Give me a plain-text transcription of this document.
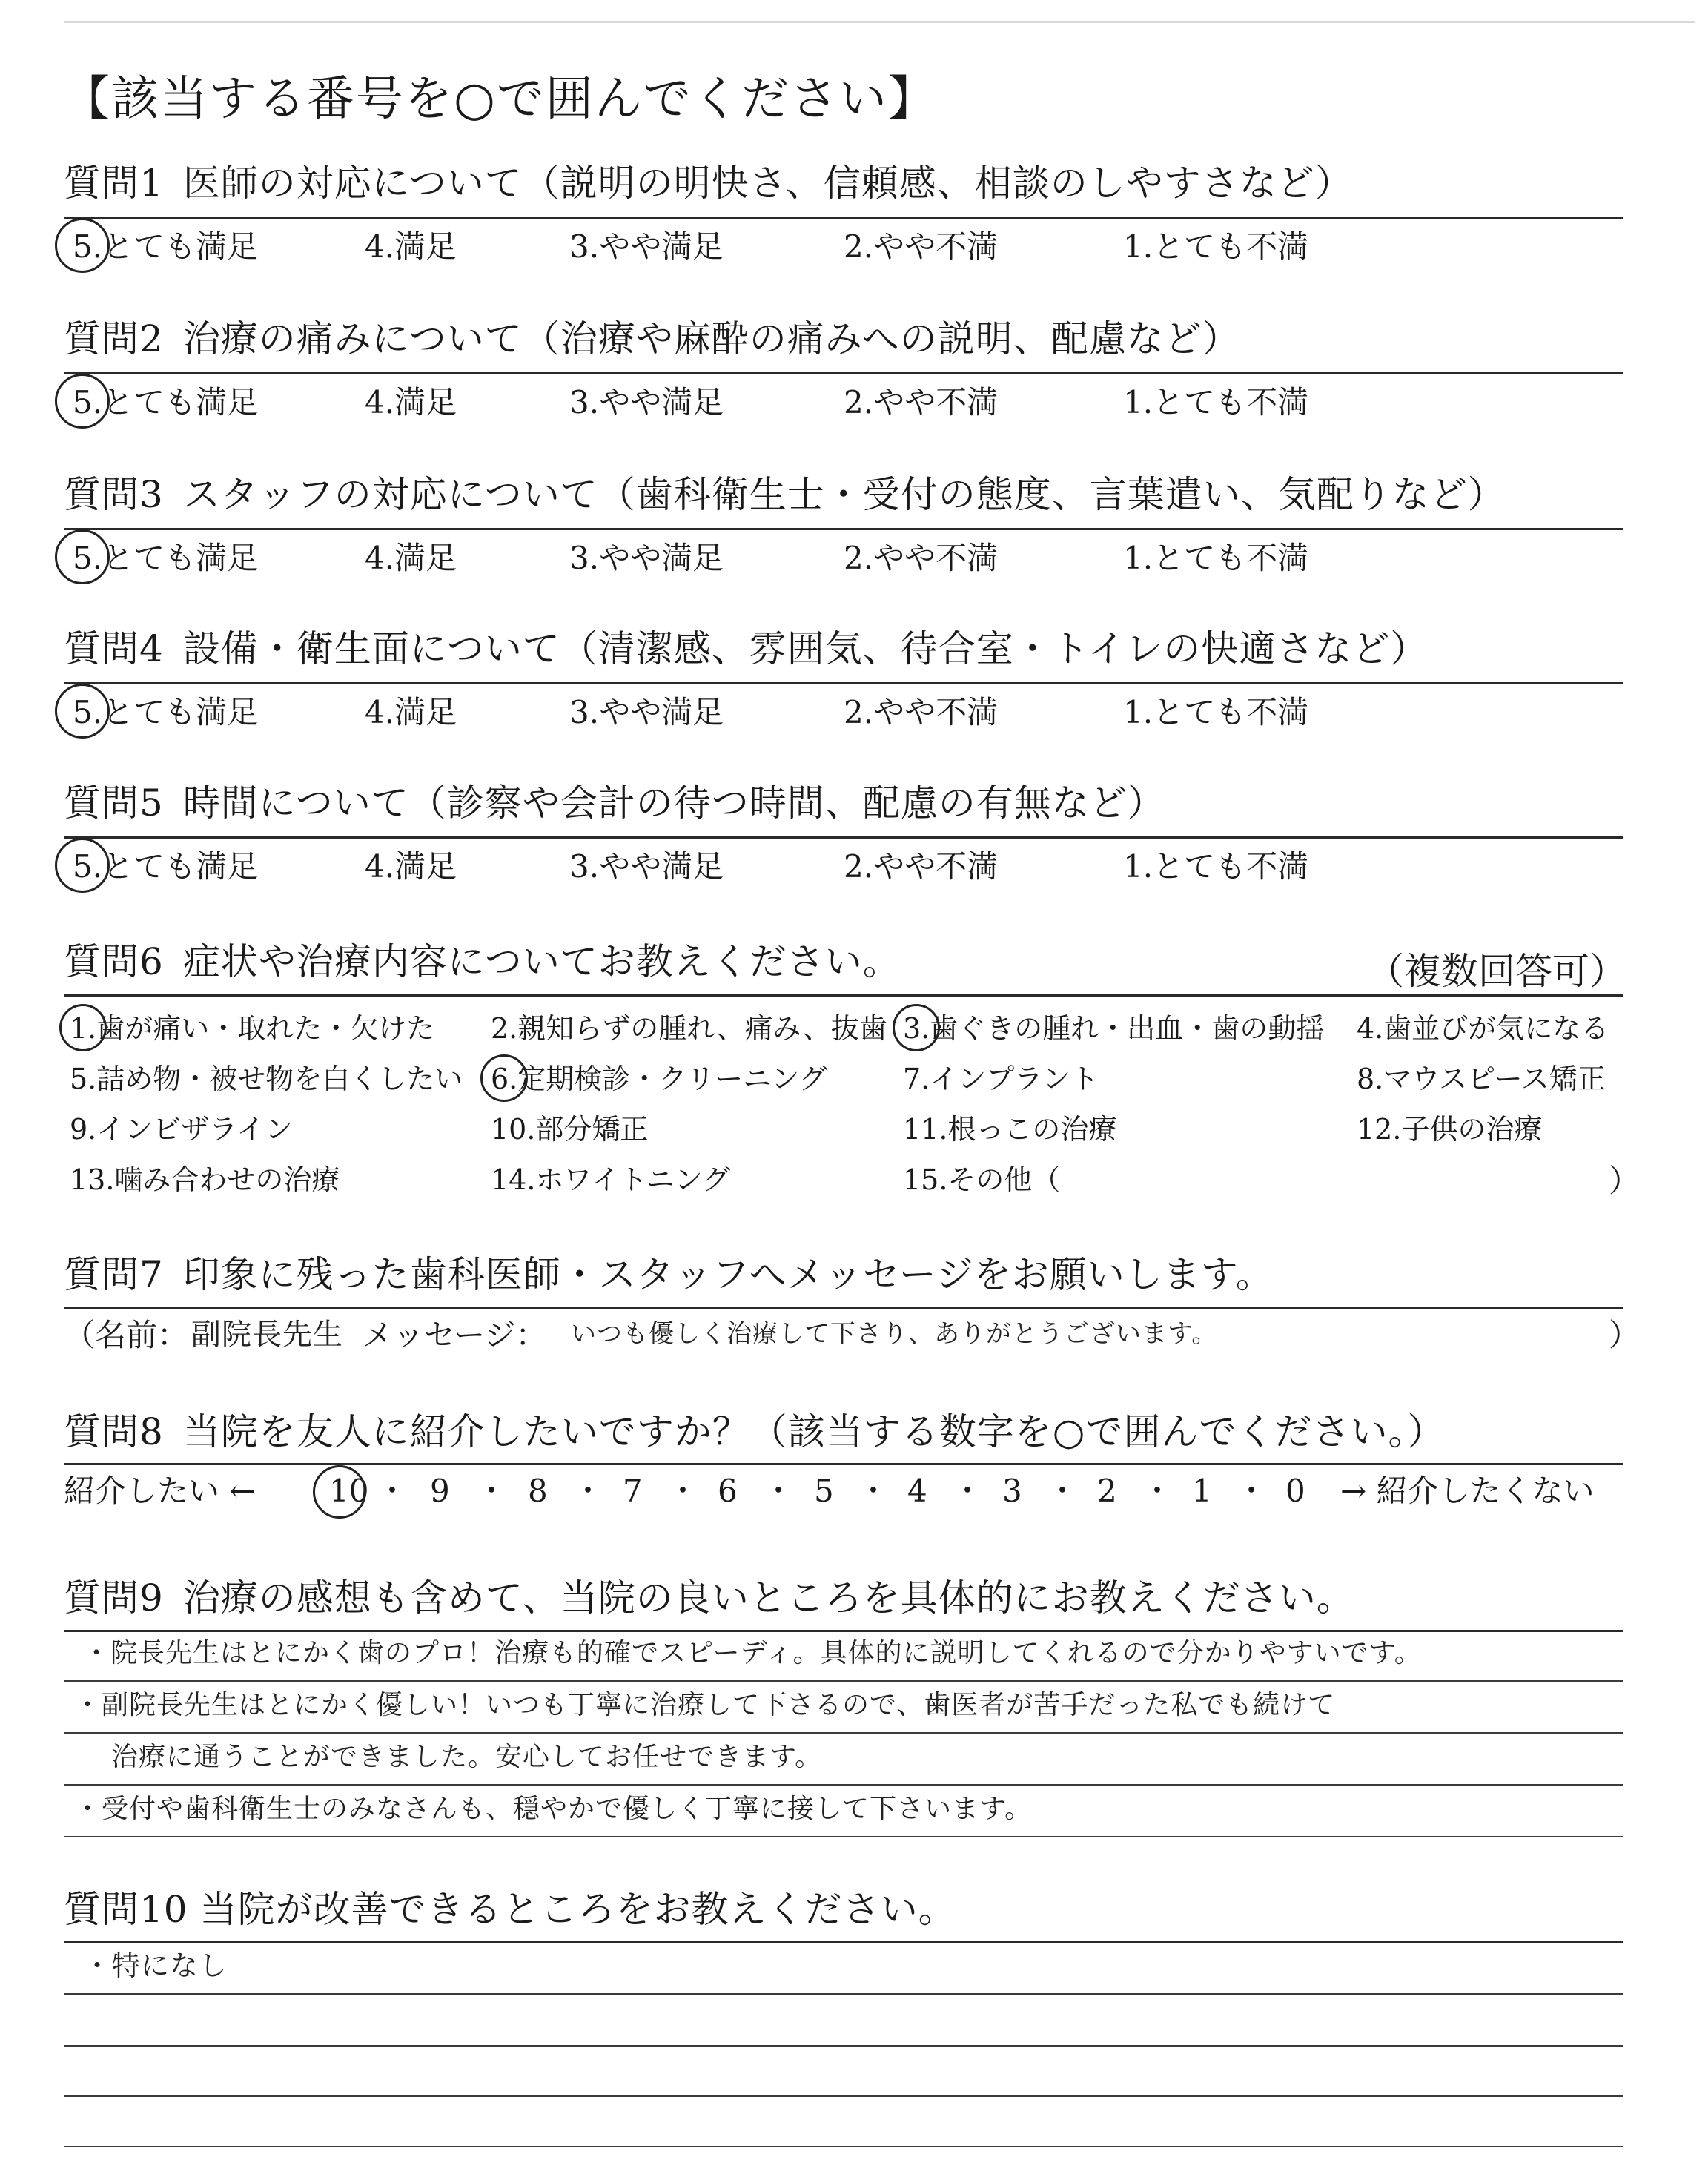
【該当する番号を○で囲んでください】
質問1 医師の対応について（説明の明快さ、信頼感、相談のしやすさなど）
5.とても満足	4.満足	3.やや満足	2.やや不満	1.とても不満
質問2 治療の痛みについて（治療や麻酔の痛みへの説明、配慮など）
5.とても満足	4.満足	3.やや満足	2.やや不満	1.とても不満
質問3 スタッフの対応について（歯科衛生士・受付の態度、言葉遣い、気配りなど）
5.とても満足	4.満足	3.やや満足	2.やや不満	1.とても不満
質問4 設備・衛生面について（清潔感、雰囲気、待合室・トイレの快適さなど）
5.とても満足	4.満足	3.やや満足	2.やや不満	1.とても不満
質問5 時間について（診察や会計の待つ時間、配慮の有無など）
5.とても満足	4.満足	3.やや満足	2.やや不満	1.とても不満
質問6 症状や治療内容についてお教えください。	（複数回答可）
1.歯が痛い・取れた・欠けた 2.親知らずの腫れ、痛み、抜歯 3.歯ぐきの腫れ・出血・歯の動揺 4.歯並びが気になる
5.詰め物・被せ物を白くしたい 6.定期検診・クリーニング	7.インプラント	8.マウスピース矯正
9.インビザライン	10.部分矯正	11.根っこの治療	12.子供の治療
13.噛み合わせの治療	14.ホワイトニング	15.その他（	）
質問7 印象に残った歯科医師・スタッフへメッセージをお願いします。
（名前： 副院長先生 メッセージ： いつも優しく治療して下さり、ありがとうございます。	）
質問8 当院を友人に紹介したいですか？（該当する数字を○で囲んでください。）
紹介したい ←	→ 紹介したくない
10 ・ 9 ・ 8 ・ 7 ・ 6 ・ 5 ・ 4 ・ 3 ・ 2 ・ 1 ・ 0
質問9 治療の感想も含めて、当院の良いところを具体的にお教えください。
・院長先生はとにかく歯のプロ！治療も的確でスピーディ。具体的に説明してくれるので分かりやすいです。
・副院長先生はとにかく優しい！いつも丁寧に治療して下さるので、歯医者が苦手だった私でも続けて
治療に通うことができました。安心してお任せできます。
・受付や歯科衛生士のみなさんも、穏やかで優しく丁寧に接して下さいます。
質問10 当院が改善できるところをお教えください。
・特になし
